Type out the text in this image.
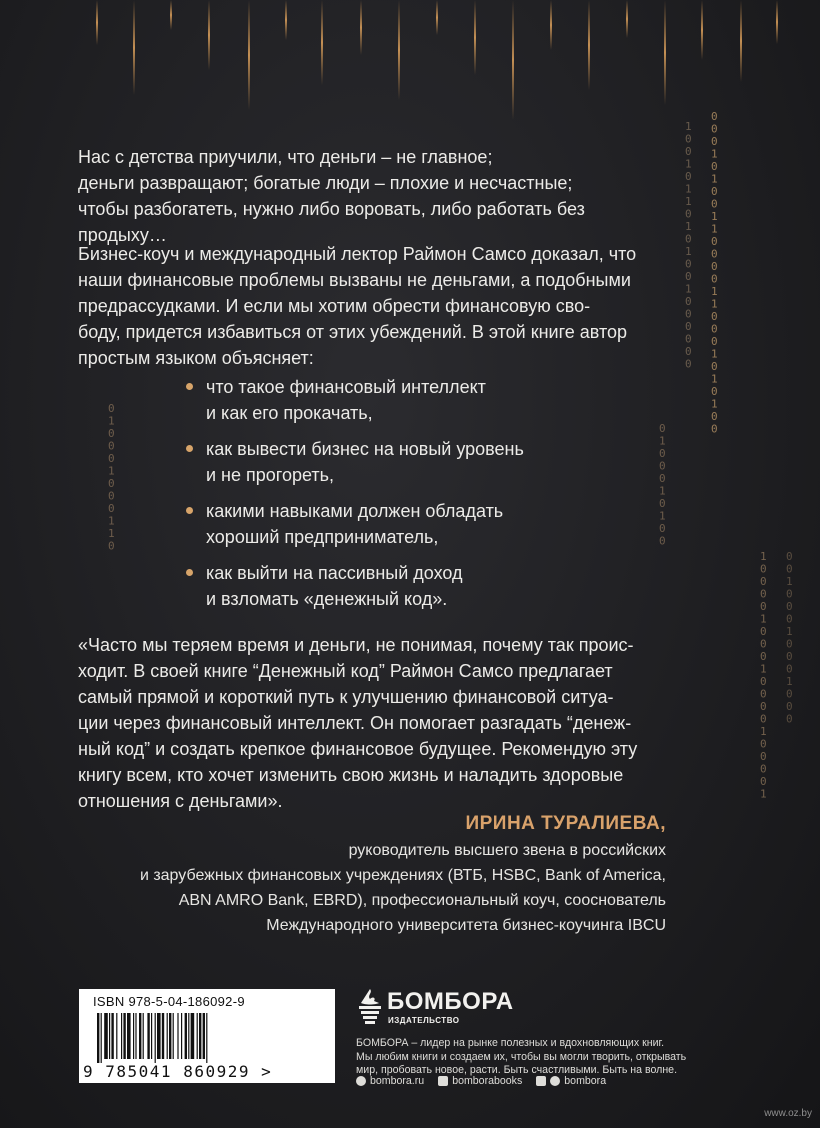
0 1 0 0 0 1 0 0 0 1 1 0
0 1 0 0 0 1 0 1 0 0
1 0 0 1 0 1 1 0 1 0 1 0 0 1 0 0 0 0 0 0
0 0 0 1 0 1 0 0 1 1 0 0 0 0 1 1 0 0 0 1 0 1 0 1 0 0
1 0 0 0 0 1 0 0 0 1 0 0 0 0 1 0 0 0 0 1
0 0 1 0 0 0 1 0 0 0 1 0 0 0
Нас с детства приучили, что деньги – не главное;
деньги развращают; богатые люди – плохие и несчастные;
чтобы разбогатеть, нужно либо воровать, либо работать без продыху…
Бизнес-коуч и международный лектор Раймон Самсо доказал, что
наши финансовые проблемы вызваны не деньгами, а подобными
предрассудками. И если мы хотим обрести финансовую сво-
боду, придется избавиться от этих убеждений. В этой книге автор
простым языком объясняет:
что такое финансовый интеллект
и как его прокачать,
как вывести бизнес на новый уровень
и не прогореть,
какими навыками должен обладать
хороший предприниматель,
как выйти на пассивный доход
и взломать «денежный код».
«Часто мы теряем время и деньги, не понимая, почему так проис-
ходит. В своей книге “Денежный код” Раймон Самсо предлагает
самый прямой и короткий путь к улучшению финансовой ситуа-
ции через финансовый интеллект. Он помогает разгадать “денеж-
ный код” и создать крепкое финансовое будущее. Рекомендую эту
книгу всем, кто хочет изменить свою жизнь и наладить здоровые
отношения с деньгами».
ИРИНА ТУРАЛИЕВА,
руководитель высшего звена в российских
и зарубежных финансовых учреждениях (ВТБ, HSBC, Bank of America,
ABN AMRO Bank, EBRD), профессиональный коуч, сооснователь
Международного университета бизнес-коучинга IBCU
ISBN 978-5-04-186092-9
9 785041 860929 >
БОМБОРА
ИЗДАТЕЛЬСТВО
БОМБОРА – лидер на рынке полезных и вдохновляющих книг.
Мы любим книги и создаем их, чтобы вы могли творить, открывать
мир, пробовать новое, расти. Быть счастливыми. Быть на волне.
bombora.ru	bomborabooks	bombora
www.oz.by
